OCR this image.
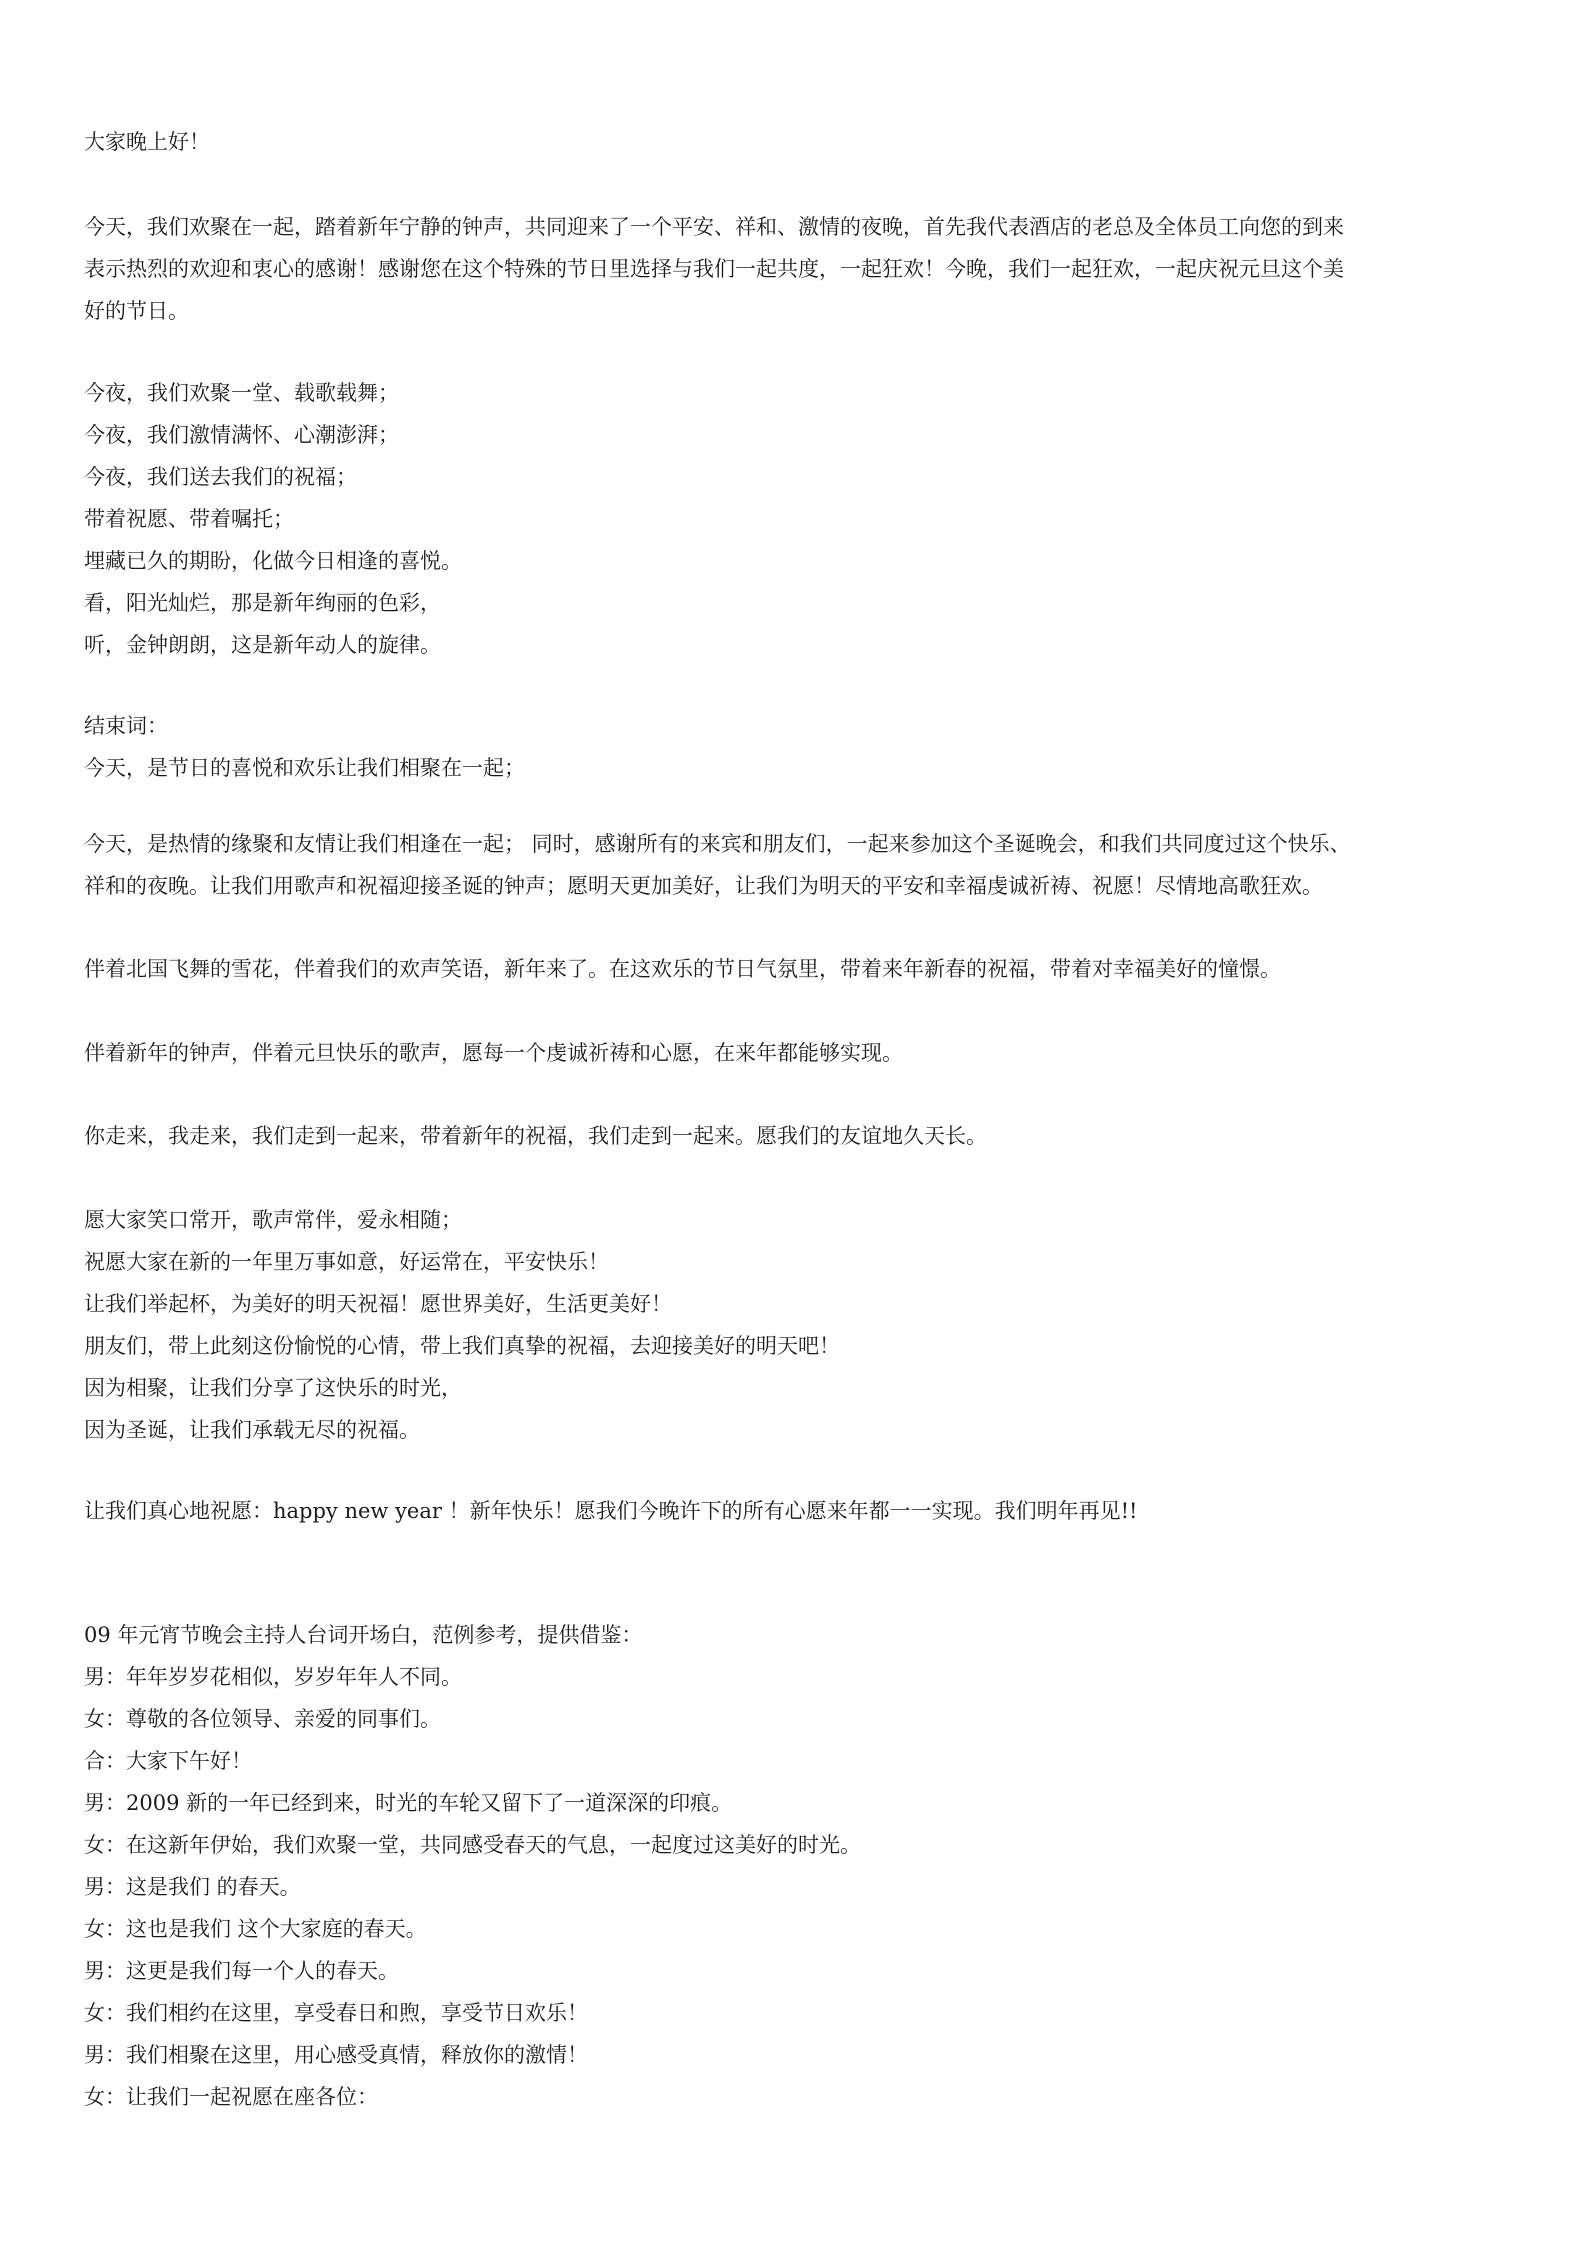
大家晚上好！

今天，我们欢聚在一起，踏着新年宁静的钟声，共同迎来了一个平安、祥和、激情的夜晚，首先我代表酒店的老总及全体员工向您的到来
表示热烈的欢迎和衷心的感谢！感谢您在这个特殊的节日里选择与我们一起共度，一起狂欢！今晚，我们一起狂欢，一起庆祝元旦这个美
好的节日。

今夜，我们欢聚一堂、载歌载舞；
今夜，我们激情满怀、心潮澎湃；
今夜，我们送去我们的祝福；
带着祝愿、带着嘱托；
埋藏已久的期盼，化做今日相逢的喜悦。
看，阳光灿烂，那是新年绚丽的色彩，
听，金钟朗朗，这是新年动人的旋律。

结束词：
今天，是节日的喜悦和欢乐让我们相聚在一起；

今天，是热情的缘聚和友情让我们相逢在一起； 同时，感谢所有的来宾和朋友们，一起来参加这个圣诞晚会，和我们共同度过这个快乐、
祥和的夜晚。让我们用歌声和祝福迎接圣诞的钟声；愿明天更加美好，让我们为明天的平安和幸福虔诚祈祷、祝愿！尽情地高歌狂欢。

伴着北国飞舞的雪花，伴着我们的欢声笑语，新年来了。在这欢乐的节日气氛里，带着来年新春的祝福，带着对幸福美好的憧憬。

伴着新年的钟声，伴着元旦快乐的歌声，愿每一个虔诚祈祷和心愿，在来年都能够实现。

你走来，我走来，我们走到一起来，带着新年的祝福，我们走到一起来。愿我们的友谊地久天长。

愿大家笑口常开，歌声常伴，爱永相随；
祝愿大家在新的一年里万事如意，好运常在，平安快乐！
让我们举起杯，为美好的明天祝福！愿世界美好，生活更美好！
朋友们，带上此刻这份愉悦的心情，带上我们真挚的祝福，去迎接美好的明天吧！
因为相聚，让我们分享了这快乐的时光，
因为圣诞，让我们承载无尽的祝福。

让我们真心地祝愿：happy new year ！新年快乐！愿我们今晚许下的所有心愿来年都一一实现。我们明年再见!!

09 年元宵节晚会主持人台词开场白，范例参考，提供借鉴：
男：年年岁岁花相似，岁岁年年人不同。
女：尊敬的各位领导、亲爱的同事们。
合：大家下午好！
男：2009 新的一年已经到来，时光的车轮又留下了一道深深的印痕。
女：在这新年伊始，我们欢聚一堂，共同感受春天的气息，一起度过这美好的时光。
男：这是我们 的春天。
女：这也是我们 这个大家庭的春天。
男：这更是我们每一个人的春天。
女：我们相约在这里，享受春日和煦，享受节日欢乐！
男：我们相聚在这里，用心感受真情，释放你的激情！
女：让我们一起祝愿在座各位：
